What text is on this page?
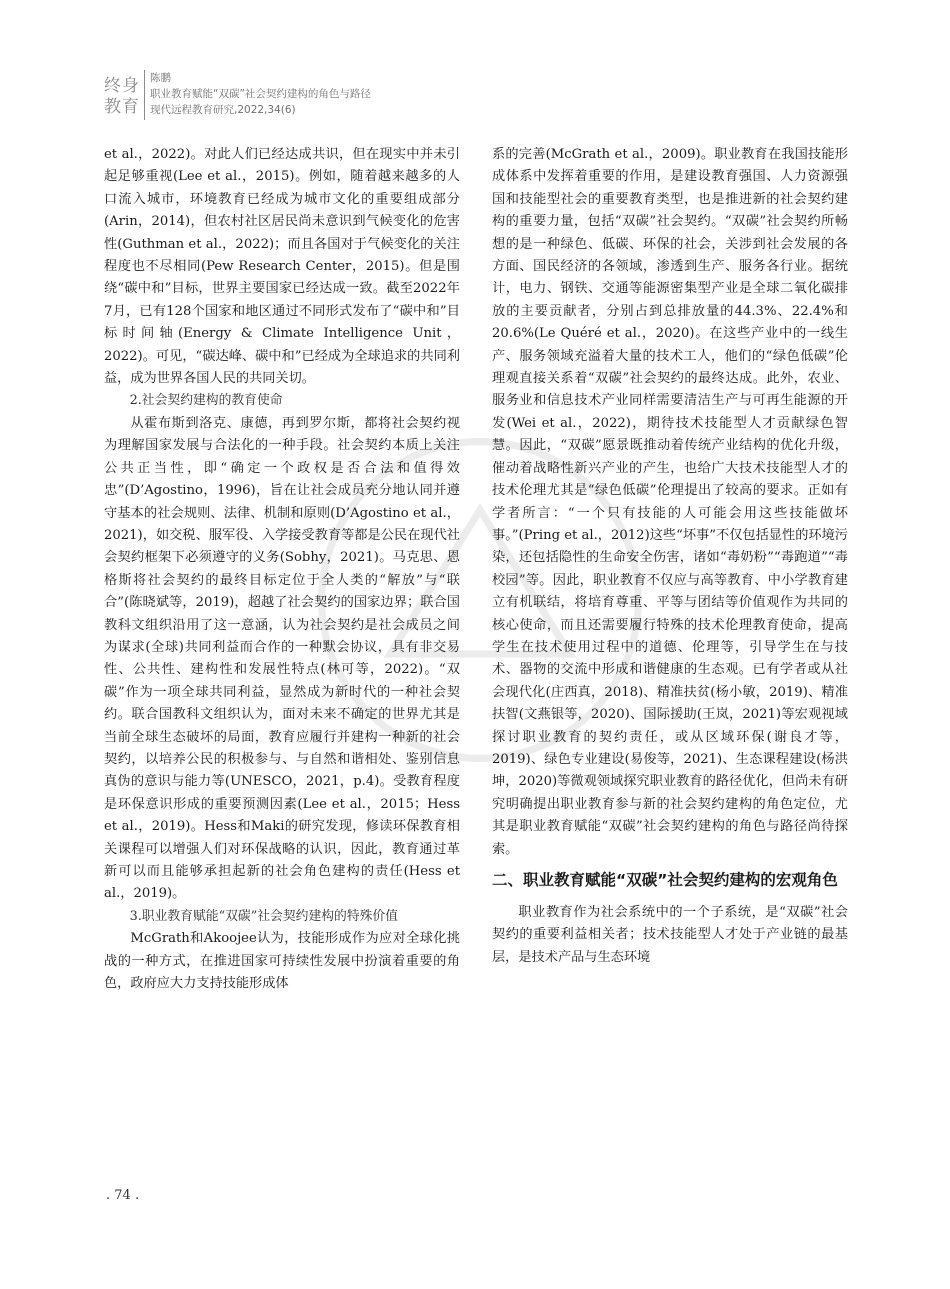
终身
教育
陈鹏
职业教育赋能“双碳”社会契约建构的角色与路径
现代远程教育研究,2022,34(6)

et al.，2022)。对此人们已经达成共识，但在现实中并未引起足够重视(Lee et al.，2015)。例如，随着越来越多的人口流入城市，环境教育已经成为城市文化的重要组成部分(Arin，2014)，但农村社区居民尚未意识到气候变化的危害性(Guthman et al.，2022)；而且各国对于气候变化的关注程度也不尽相同(Pew Research Center，2015)。但是围绕“碳中和”目标，世界主要国家已经达成一致。截至2022年7月，已有128个国家和地区通过不同形式发布了“碳中和”目标时间轴(Energy & Climate Intelligence Unit，2022)。可见，“碳达峰、碳中和”已经成为全球追求的共同利益，成为世界各国人民的共同关切。

2.社会契约建构的教育使命

从霍布斯到洛克、康德，再到罗尔斯，都将社会契约视为理解国家发展与合法化的一种手段。社会契约本质上关注公共正当性，即“确定一个政权是否合法和值得效忠”(D’Agostino，1996)，旨在让社会成员充分地认同并遵守基本的社会规则、法律、机制和原则(D’Agostino et al.，2021)，如交税、服军役、入学接受教育等都是公民在现代社会契约框架下必须遵守的义务(Sobhy，2021)。马克思、恩格斯将社会契约的最终目标定位于全人类的“解放”与“联合”(陈晓斌等，2019)，超越了社会契约的国家边界；联合国教科文组织沿用了这一意涵，认为社会契约是社会成员之间为谋求(全球)共同利益而合作的一种默会协议，具有非交易性、公共性、建构性和发展性特点(林可等，2022)。“双碳”作为一项全球共同利益，显然成为新时代的一种社会契约。联合国教科文组织认为，面对未来不确定的世界尤其是当前全球生态破坏的局面，教育应履行并建构一种新的社会契约，以培养公民的积极参与、与自然和谐相处、鉴别信息真伪的意识与能力等(UNESCO，2021，p.4)。受教育程度是环保意识形成的重要预测因素(Lee et al.，2015；Hess et al.，2019)。Hess和Maki的研究发现，修读环保教育相关课程可以增强人们对环保战略的认识，因此，教育通过革新可以而且能够承担起新的社会角色建构的责任(Hess et al.，2019)。

3.职业教育赋能“双碳”社会契约建构的特殊价值

McGrath和Akoojee认为，技能形成作为应对全球化挑战的一种方式，在推进国家可持续性发展中扮演着重要的角色，政府应大力支持技能形成体

系的完善(McGrath et al.，2009)。职业教育在我国技能形成体系中发挥着重要的作用，是建设教育强国、人力资源强国和技能型社会的重要教育类型，也是推进新的社会契约建构的重要力量，包括“双碳”社会契约。“双碳”社会契约所畅想的是一种绿色、低碳、环保的社会，关涉到社会发展的各方面、国民经济的各领域，渗透到生产、服务各行业。据统计，电力、钢铁、交通等能源密集型产业是全球二氧化碳排放的主要贡献者，分别占到总排放量的44.3%、22.4%和20.6%(Le Quéré et al.，2020)。在这些产业中的一线生产、服务领域充溢着大量的技术工人，他们的“绿色低碳”伦理观直接关系着“双碳”社会契约的最终达成。此外，农业、服务业和信息技术产业同样需要清洁生产与可再生能源的开发(Wei et al.，2022)，期待技术技能型人才贡献绿色智慧。因此，“双碳”愿景既推动着传统产业结构的优化升级，催动着战略性新兴产业的产生，也给广大技术技能型人才的技术伦理尤其是“绿色低碳”伦理提出了较高的要求。正如有学者所言：“一个只有技能的人可能会用这些技能做坏事。”(Pring et al.，2012)这些“坏事”不仅包括显性的环境污染，还包括隐性的生命安全伤害，诸如“毒奶粉”“毒跑道”“毒校园”等。因此，职业教育不仅应与高等教育、中小学教育建立有机联结，将培育尊重、平等与团结等价值观作为共同的核心使命，而且还需要履行特殊的技术伦理教育使命，提高学生在技术使用过程中的道德、伦理等，引导学生在与技术、器物的交流中形成和谐健康的生态观。已有学者或从社会现代化(庄西真，2018)、精准扶贫(杨小敏，2019)、精准扶智(文燕银等，2020)、国际援助(王岚，2021)等宏观视域探讨职业教育的契约责任，或从区域环保(谢良才等，2019)、绿色专业建设(易俊等，2021)、生态课程建设(杨洪坤，2020)等微观领域探究职业教育的路径优化，但尚未有研究明确提出职业教育参与新的社会契约建构的角色定位，尤其是职业教育赋能“双碳”社会契约建构的角色与路径尚待探索。

二、职业教育赋能“双碳”社会契约建构的宏观角色

职业教育作为社会系统中的一个子系统，是“双碳”社会契约的重要利益相关者；技术技能型人才处于产业链的最基层，是技术产品与生态环境

. 74 .
